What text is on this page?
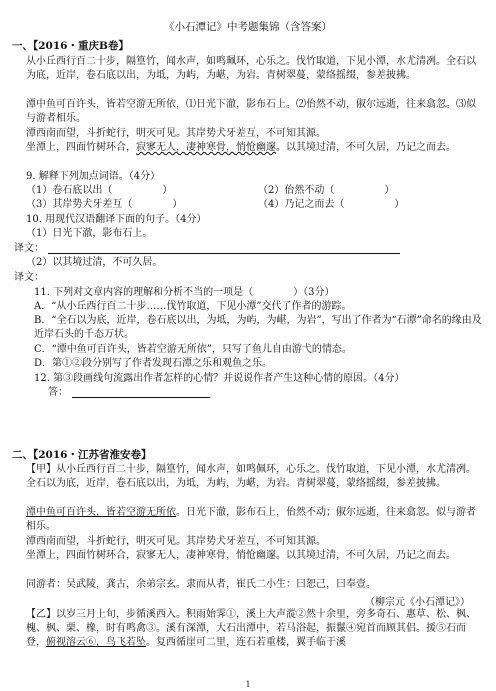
《小石潭记》中考题集锦（含答案）
一、【2016・重庆B卷】
从小丘西行百二十步，隔篁竹，闻水声，如鸣珮环，心乐之。伐竹取道，下见小潭，水尤清冽。全石以为底，近岸，卷石底以出，为坻，为屿，为嵁，为岩。青树翠蔓，蒙络摇缀，参差披拂。
潭中鱼可百许头，皆若空游无所依，⑴日光下澈，影布石上。⑵佁然不动，俶尔远逝，往来翕忽。⑶似与游者相乐。
潭西南而望，斗折蛇行，明灭可见。其岸势犬牙差互，不可知其源。
坐潭上，四面竹树环合，寂寥无人，凄神寒骨，悄怆幽邃。以其境过清，不可久居，乃记之而去。
9. 解释下列加点词语。（4分）
（1）卷石底以出（　　　　　）	（2）佁然不动（　　　　　）
（3）其岸势犬牙差互（　　　　）	（4）乃记之而去（　　　　　）
10. 用现代汉语翻译下面的句子。（4分）
（1）日光下澈，影布石上。
译文：
（2）以其境过清，不可久居。
译文：
11. 下列对文章内容的理解和分析不当的一项是（　　　　）（3分）
A．“从小丘西行百二十步……伐竹取道，下见小潭”交代了作者的游踪。
B．“全石以为底，近岸，卷石底以出，为坻，为屿，为嵁，为岩”，写出了作者为“石潭”命名的缘由及近岸石头的千态万状。
C．“潭中鱼可百许头，皆若空游无所依”，只写了鱼儿自由游弋的情态。
D．第①②段分别写了作者发现石潭之乐和观鱼之乐。
12. 第③段画线句流露出作者怎样的心情？并说说作者产生这种心情的原因。（4分）
答：
二、【2016・江苏省淮安卷】
【甲】从小丘西行百二十步，隔篁竹，闻水声，如鸣佩环，心乐之。伐竹取道，下见小潭，水尤清冽。全石以为底，近岸，卷石底以出，为坻，为屿，为嵁，为岩。青树翠蔓，蒙络摇缀，参差披拂。
潭中鱼可百许头，皆若空游无所依。日光下澈，影布石上，佁然不动；俶尔远逝，往来翕忽。似与游者相乐。
潭西南而望，斗折蛇行，明灭可见。其岸势犬牙差互，不可知其源。
坐潭上，四面竹树环合，寂寥无人，凄神寒骨，悄怆幽邃。以其境过清，不可久居，乃记之而去。
同游者：吴武陵，龚古，余弟宗玄。隶而从者，崔氏二小生：曰恕己，曰奉壹。
（柳宗元《小石潭记》）
【乙】以岁三月上旬，步循溪西入。积雨始霁①，溪上大声漎②然十余里，旁多奇石、惠草、松、枫、槐、枫、栗、橡，时有鸣禽③。溪有深潭，大石出潭中，若马浴起，振鬣④宛首而顾其侣。援⑤石而登，俯视溶云⑥，鸟飞若坠。复西循崖可二里，连石若重楼，翼手临于溪
1
